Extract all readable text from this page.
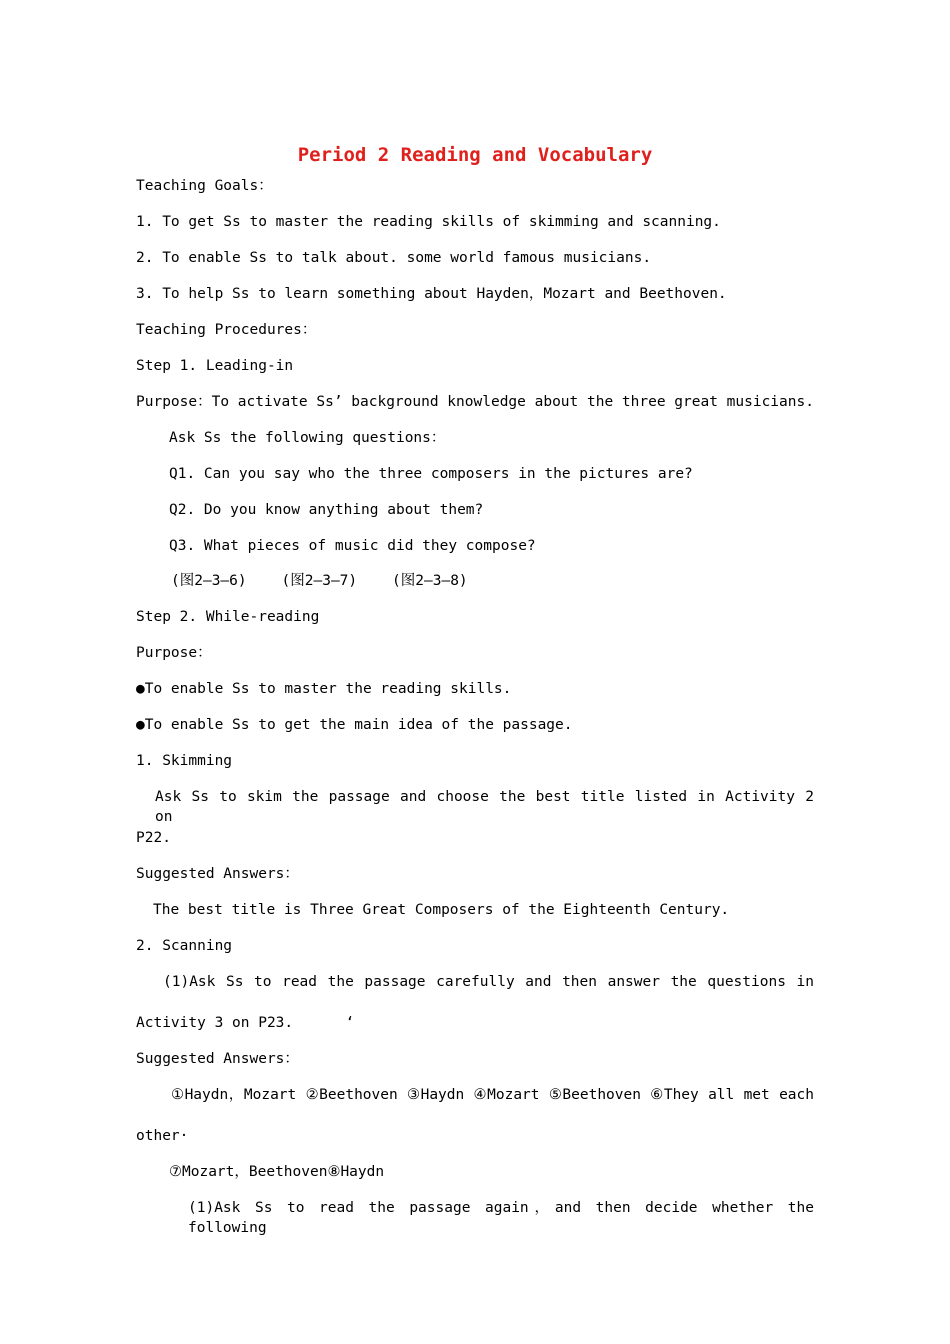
Period 2 Reading and Vocabulary
Teaching Goals：
1. To get Ss to master the reading skills of skimming and scanning.
2. To enable Ss to talk about. some world famous musicians.
3. To help Ss to learn something about Hayden，Mozart and Beethoven.
Teaching Procedures：
Step 1. Leading-in
Purpose：To activate Ss’ background knowledge about the three great musicians.
Ask Ss the following questions：
Q1. Can you say who the three composers in the pictures are?
Q2. Do you know anything about them?
Q3. What pieces of music did they compose?
(图2—3—6)    (图2—3—7)    (图2—3—8)
Step 2. While-reading
Purpose：
●To enable Ss to master the reading skills.
●To enable Ss to get the main idea of the passage.
1. Skimming
Ask Ss to skim the passage and choose the best title listed in Activity 2 on
P22.
Suggested Answers：
The best title is Three Great Composers of the Eighteenth Century.
2. Scanning
(1)Ask Ss to read the passage carefully and then answer the questions in
Activity 3 on P23.      ‘
Suggested Answers：
①Haydn，Mozart ②Beethoven ③Haydn ④Mozart ⑤Beethoven ⑥They all met each
other·
⑦Mozart，Beethoven⑧Haydn
(1)Ask Ss to read the passage again，and then decide whether the following
